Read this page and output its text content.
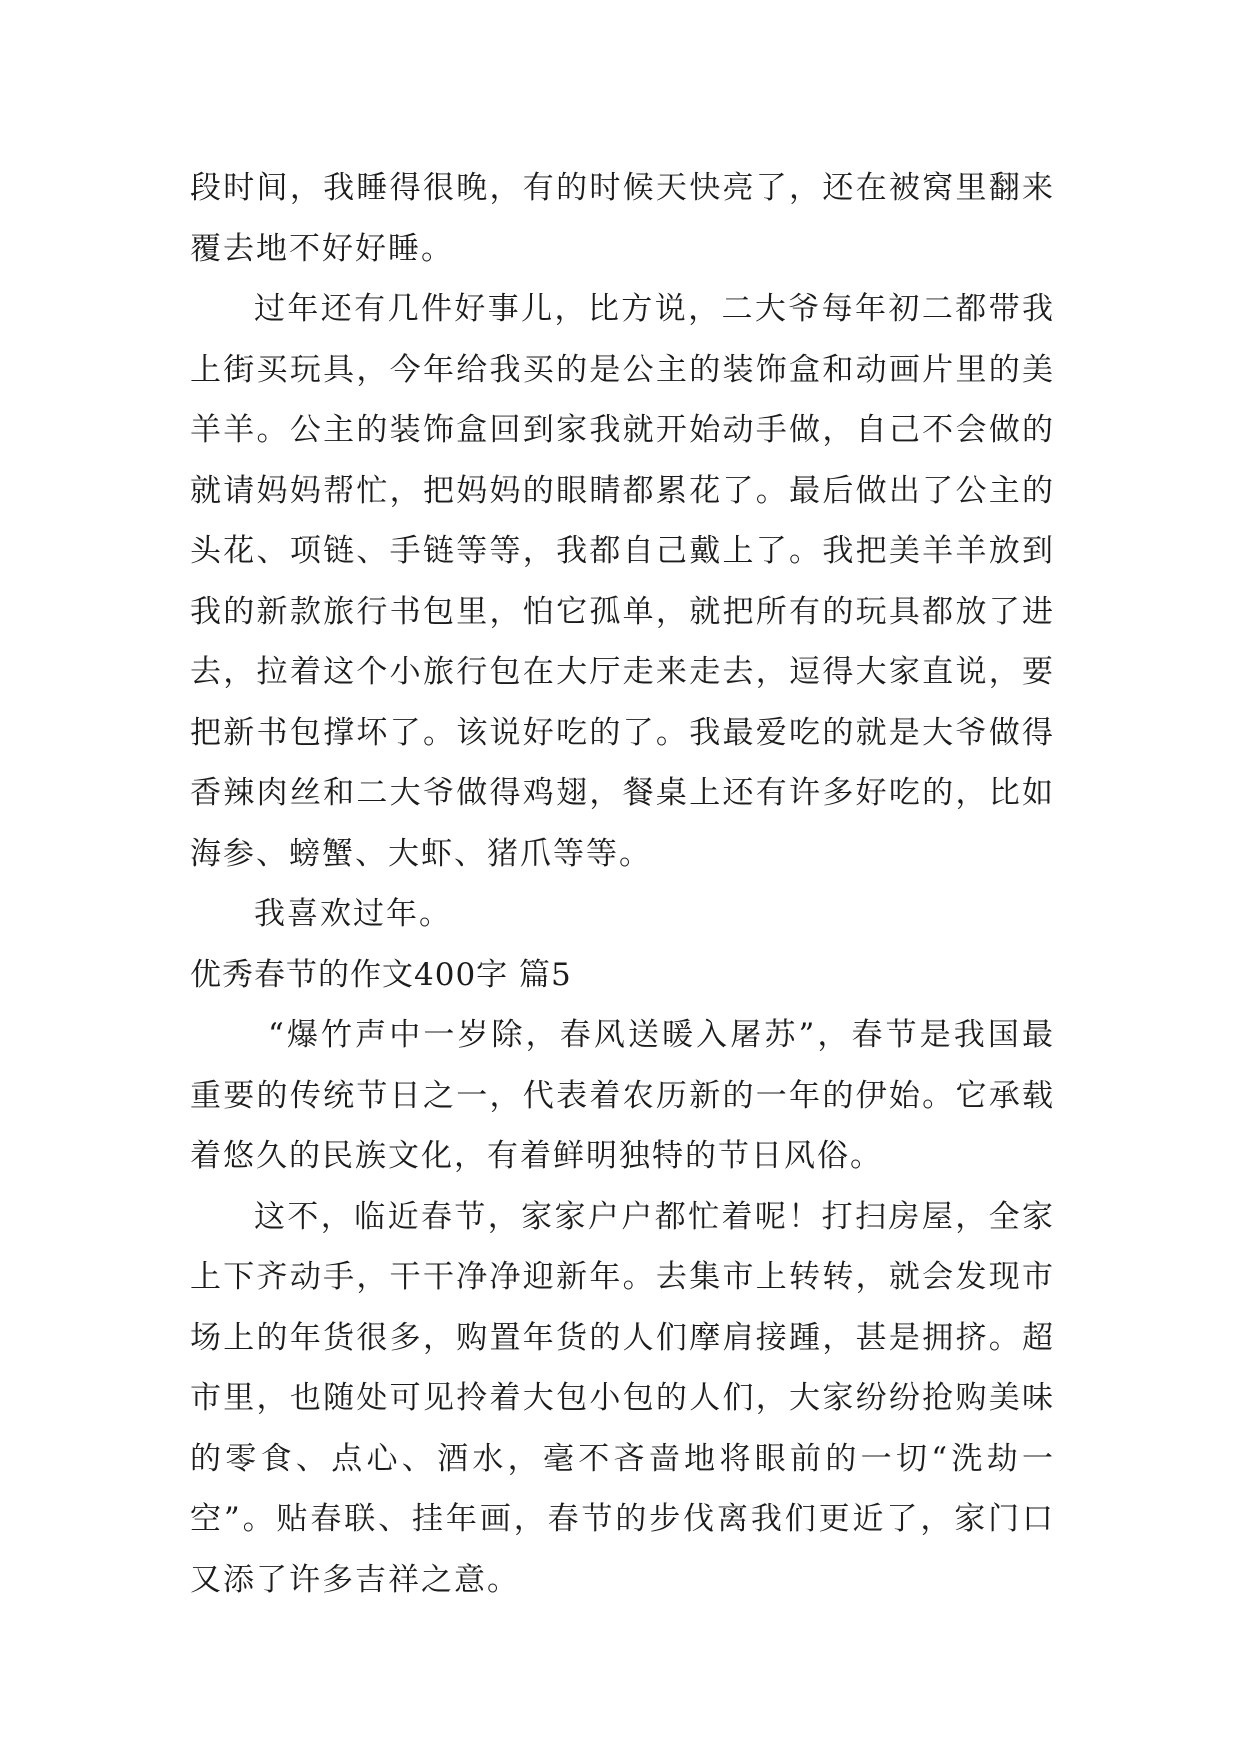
段时间，我睡得很晚，有的时候天快亮了，还在被窝里翻来覆去地不好好睡。

过年还有几件好事儿，比方说，二大爷每年初二都带我上街买玩具，今年给我买的是公主的装饰盒和动画片里的美羊羊。公主的装饰盒回到家我就开始动手做，自己不会做的就请妈妈帮忙，把妈妈的眼睛都累花了。最后做出了公主的头花、项链、手链等等，我都自己戴上了。我把美羊羊放到我的新款旅行书包里，怕它孤单，就把所有的玩具都放了进去，拉着这个小旅行包在大厅走来走去，逗得大家直说，要把新书包撑坏了。该说好吃的了。我最爱吃的就是大爷做得香辣肉丝和二大爷做得鸡翅，餐桌上还有许多好吃的，比如海参、螃蟹、大虾、猪爪等等。

我喜欢过年。

优秀春节的作文400字 篇5

“爆竹声中一岁除，春风送暖入屠苏”，春节是我国最重要的传统节日之一，代表着农历新的一年的伊始。它承载着悠久的民族文化，有着鲜明独特的节日风俗。

这不，临近春节，家家户户都忙着呢！打扫房屋，全家上下齐动手，干干净净迎新年。去集市上转转，就会发现市场上的年货很多，购置年货的人们摩肩接踵，甚是拥挤。超市里，也随处可见拎着大包小包的人们，大家纷纷抢购美味的零食、点心、酒水，毫不吝啬地将眼前的一切“洗劫一空”。贴春联、挂年画，春节的步伐离我们更近了，家门口又添了许多吉祥之意。
